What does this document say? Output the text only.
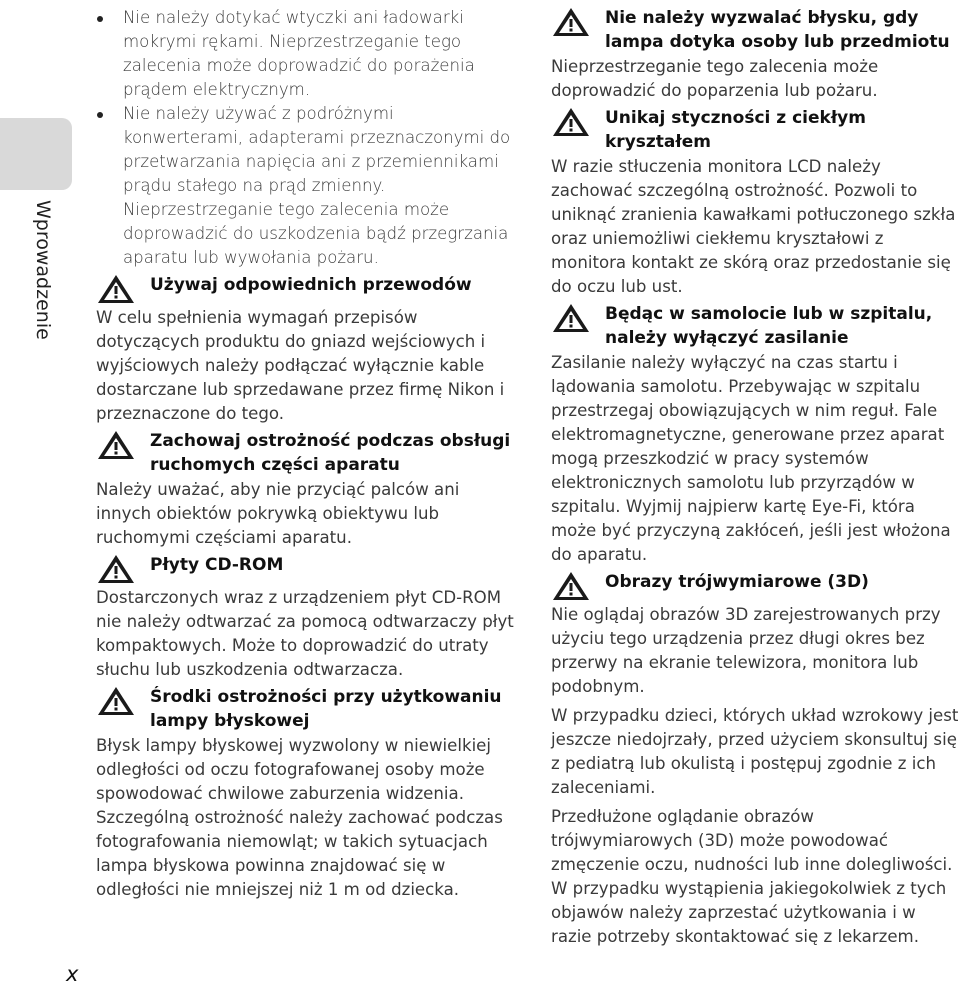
Wprowadzenie
x
Nie należy dotykać wtyczki ani ładowarki mokrymi rękami. Nieprzestrzeganie tego zalecenia może doprowadzić do porażenia prądem elektrycznym.
Nie należy używać z podróżnymi konwerterami, adapterami przeznaczonymi do przetwarzania napięcia ani z przemiennikami prądu stałego na prąd zmienny. Nieprzestrzeganie tego zalecenia może doprowadzić do uszkodzenia bądź przegrzania aparatu lub wywołania pożaru.
Używaj odpowiednich przewodów

W celu spełnienia wymagań przepisów dotyczących produktu do gniazd wejściowych i wyjściowych należy podłączać wyłącznie kable dostarczane lub sprzedawane przez firmę Nikon i przeznaczone do tego.

Zachowaj ostrożność podczas obsługi ruchomych części aparatu

Należy uważać, aby nie przyciąć palców ani innych obiektów pokrywką obiektywu lub ruchomymi częściami aparatu.

Płyty CD-ROM

Dostarczonych wraz z urządzeniem płyt CD-ROM nie należy odtwarzać za pomocą odtwarzaczy płyt kompaktowych. Może to doprowadzić do utraty słuchu lub uszkodzenia odtwarzacza.

Środki ostrożności przy użytkowaniu lampy błyskowej

Błysk lampy błyskowej wyzwolony w niewielkiej odległości od oczu fotografowanej osoby może spowodować chwilowe zaburzenia widzenia. Szczególną ostrożność należy zachować podczas fotografowania niemowląt; w takich sytuacjach lampa błyskowa powinna znajdować się w odległości nie mniejszej niż 1 m od dziecka.

Nie należy wyzwalać błysku, gdy lampa dotyka osoby lub przedmiotu

Nieprzestrzeganie tego zalecenia może doprowadzić do poparzenia lub pożaru.

Unikaj styczności z ciekłym kryształem

W razie stłuczenia monitora LCD należy zachować szczególną ostrożność. Pozwoli to uniknąć zranienia kawałkami potłuczonego szkła oraz uniemożliwi ciekłemu kryształowi z monitora kontakt ze skórą oraz przedostanie się do oczu lub ust.

Będąc w samolocie lub w szpitalu, należy wyłączyć zasilanie

Zasilanie należy wyłączyć na czas startu i lądowania samolotu. Przebywając w szpitalu przestrzegaj obowiązujących w nim reguł. Fale elektromagnetyczne, generowane przez aparat mogą przeszkodzić w pracy systemów elektronicznych samolotu lub przyrządów w szpitalu. Wyjmij najpierw kartę Eye-Fi, która może być przyczyną zakłóceń, jeśli jest włożona do aparatu.

Obrazy trójwymiarowe (3D)

Nie oglądaj obrazów 3D zarejestrowanych przy użyciu tego urządzenia przez długi okres bez przerwy na ekranie telewizora, monitora lub podobnym.

W przypadku dzieci, których układ wzrokowy jest jeszcze niedojrzały, przed użyciem skonsultuj się z pediatrą lub okulistą i postępuj zgodnie z ich zaleceniami.

Przedłużone oglądanie obrazów trójwymiarowych (3D) może powodować zmęczenie oczu, nudności lub inne dolegliwości. W przypadku wystąpienia jakiegokolwiek z tych objawów należy zaprzestać użytkowania i w razie potrzeby skontaktować się z lekarzem.
